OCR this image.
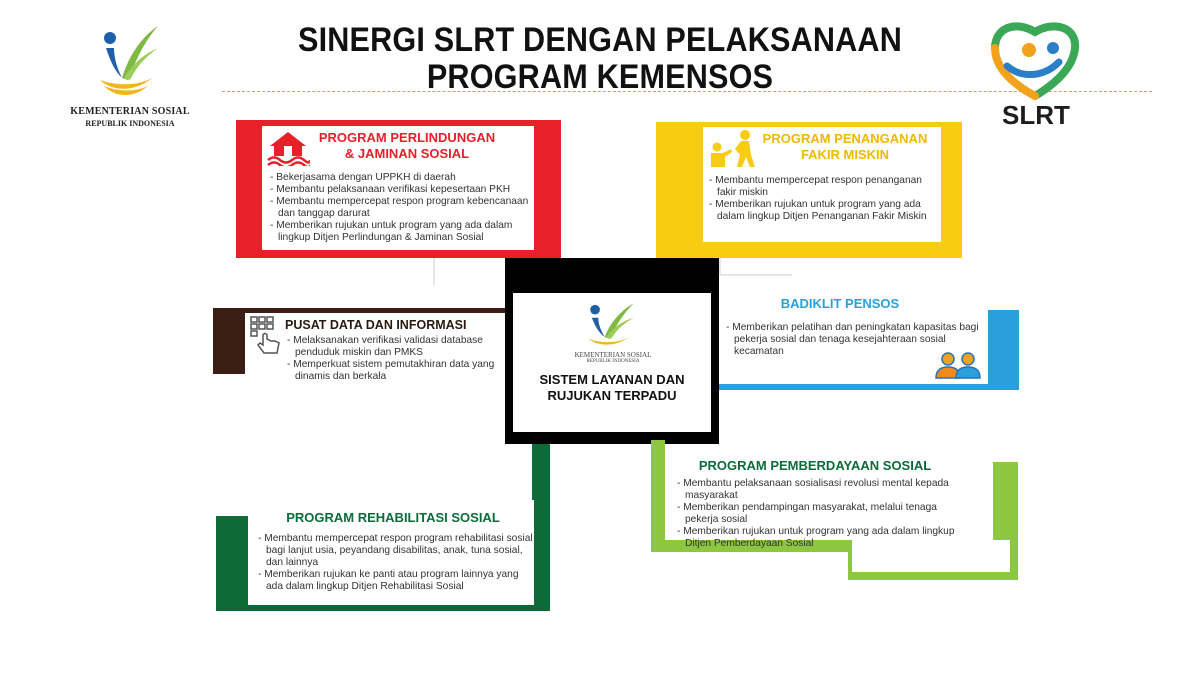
KEMENTERIAN SOSIAL
REPUBLIK INDONESIA
SINERGI SLRT DENGAN PELAKSANAAN
PROGRAM KEMENSOS
SLRT
PROGRAM PERLINDUNGAN
& JAMINAN SOSIAL
- Bekerjasama dengan UPPKH di daerah
- Membantu pelaksanaan verifikasi kepesertaan PKH
- Membantu mempercepat respon program kebencanaan dan tanggap darurat
- Memberikan rujukan untuk program yang ada dalam lingkup Ditjen Perlindungan & Jaminan Sosial
PROGRAM PENANGANAN
FAKIR MISKIN
- Membantu mempercepat respon penanganan fakir miskin
- Memberikan rujukan untuk program yang ada dalam lingkup Ditjen Penanganan Fakir Miskin
PUSAT DATA DAN INFORMASI
- Melaksanakan verifikasi validasi database penduduk miskin dan PMKS
- Memperkuat sistem pemutakhiran data yang dinamis dan berkala
BADIKLIT PENSOS
- Memberikan pelatihan dan peningkatan kapasitas bagi pekerja sosial dan tenaga kesejahteraan sosial kecamatan
KEMENTERIAN SOSIAL
REPUBLIK INDONESIA
SISTEM LAYANAN DAN
RUJUKAN TERPADU
PROGRAM REHABILITASI SOSIAL
- Membantu mempercepat respon program rehabilitasi sosial bagi lanjut usia, peyandang disabilitas, anak, tuna sosial, dan lainnya
- Memberikan rujukan ke panti atau program lainnya yang ada dalam lingkup Ditjen Rehabilitasi Sosial
PROGRAM PEMBERDAYAAN SOSIAL
- Membantu pelaksanaan sosialisasi revolusi mental kepada masyarakat
- Memberikan pendampingan masyarakat, melalui tenaga pekerja sosial
- Memberikan rujukan untuk program yang ada dalam lingkup Ditjen Pemberdayaan Sosial
